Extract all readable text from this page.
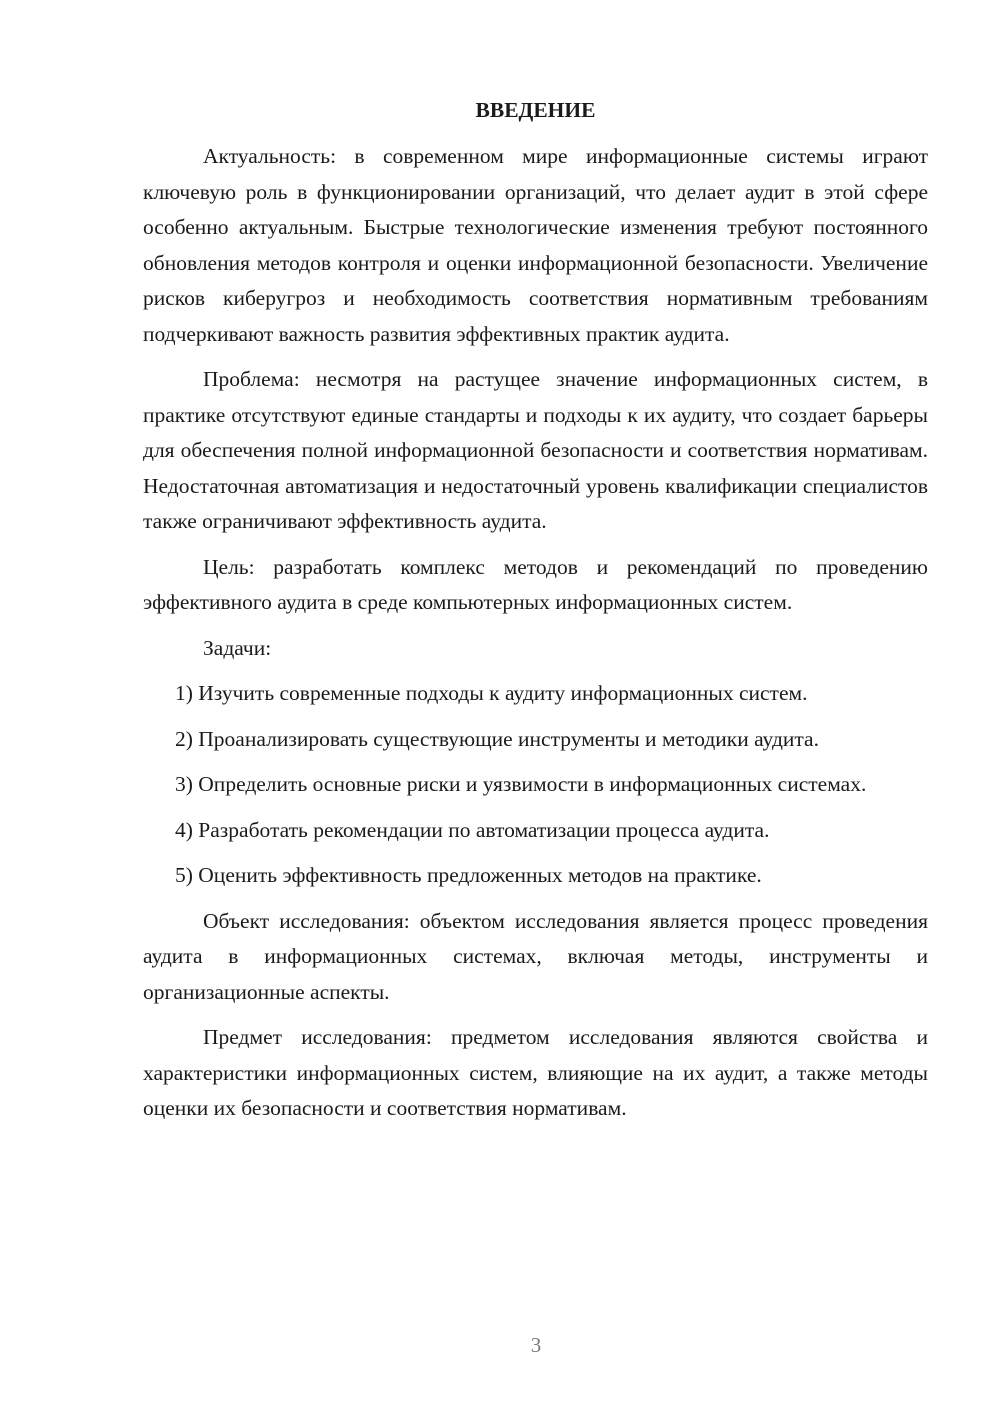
ВВЕДЕНИЕ

Актуальность: в современном мире информационные системы играют ключевую роль в функционировании организаций, что делает аудит в этой сфере особенно актуальным. Быстрые технологические изменения требуют постоянного обновления методов контроля и оценки информационной безопасности. Увеличение рисков киберугроз и необходимость соответствия нормативным требованиям подчеркивают важность развития эффективных практик аудита.

Проблема: несмотря на растущее значение информационных систем, в практике отсутствуют единые стандарты и подходы к их аудиту, что создает барьеры для обеспечения полной информационной безопасности и соответствия нормативам. Недостаточная автоматизация и недостаточный уровень квалификации специалистов также ограничивают эффективность аудита.

Цель: разработать комплекс методов и рекомендаций по проведению эффективного аудита в среде компьютерных информационных систем.

Задачи:

1) Изучить современные подходы к аудиту информационных систем.

2) Проанализировать существующие инструменты и методики аудита.

3) Определить основные риски и уязвимости в информационных системах.

4) Разработать рекомендации по автоматизации процесса аудита.

5) Оценить эффективность предложенных методов на практике.

Объект исследования: объектом исследования является процесс проведения аудита в информационных системах, включая методы, инструменты и организационные аспекты.

Предмет исследования: предметом исследования являются свойства и характеристики информационных систем, влияющие на их аудит, а также методы оценки их безопасности и соответствия нормативам.

3
